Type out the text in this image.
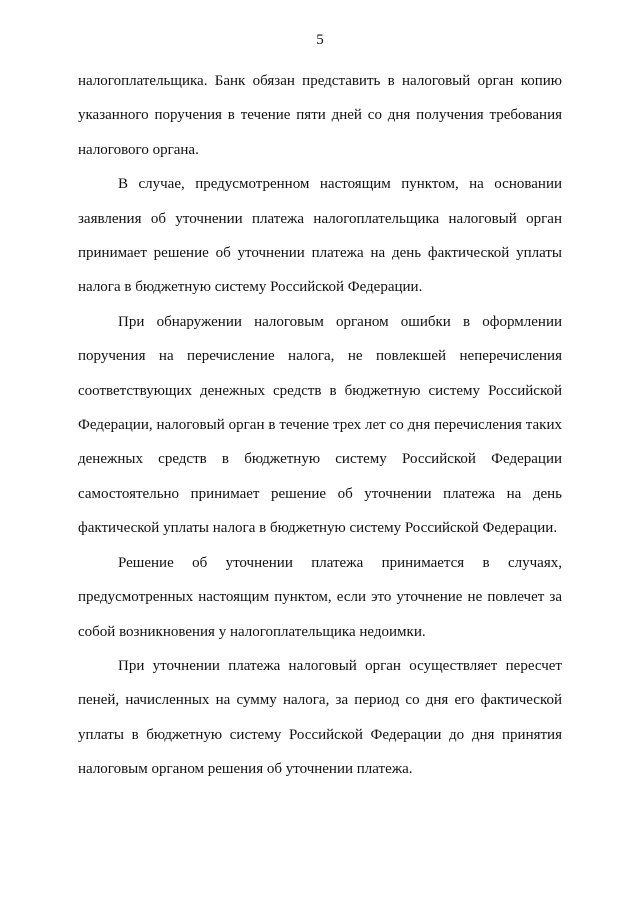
5

налогоплательщика. Банк обязан представить в налоговый орган копию указанного поручения в течение пяти дней со дня получения требования налогового органа.

В случае, предусмотренном настоящим пунктом, на основании заявления об уточнении платежа налогоплательщика налоговый орган принимает решение об уточнении платежа на день фактической уплаты налога в бюджетную систему Российской Федерации.

При обнаружении налоговым органом ошибки в оформлении поручения на перечисление налога, не повлекшей неперечисления соответствующих денежных средств в бюджетную систему Российской Федерации, налоговый орган в течение трех лет со дня перечисления таких денежных средств в бюджетную систему Российской Федерации самостоятельно принимает решение об уточнении платежа на день фактической уплаты налога в бюджетную систему Российской Федерации.

Решение об уточнении платежа принимается в случаях, предусмотренных настоящим пунктом, если это уточнение не повлечет за собой возникновения у налогоплательщика недоимки.

При уточнении платежа налоговый орган осуществляет пересчет пеней, начисленных на сумму налога, за период со дня его фактической уплаты в бюджетную систему Российской Федерации до дня принятия налоговым органом решения об уточнении платежа.
